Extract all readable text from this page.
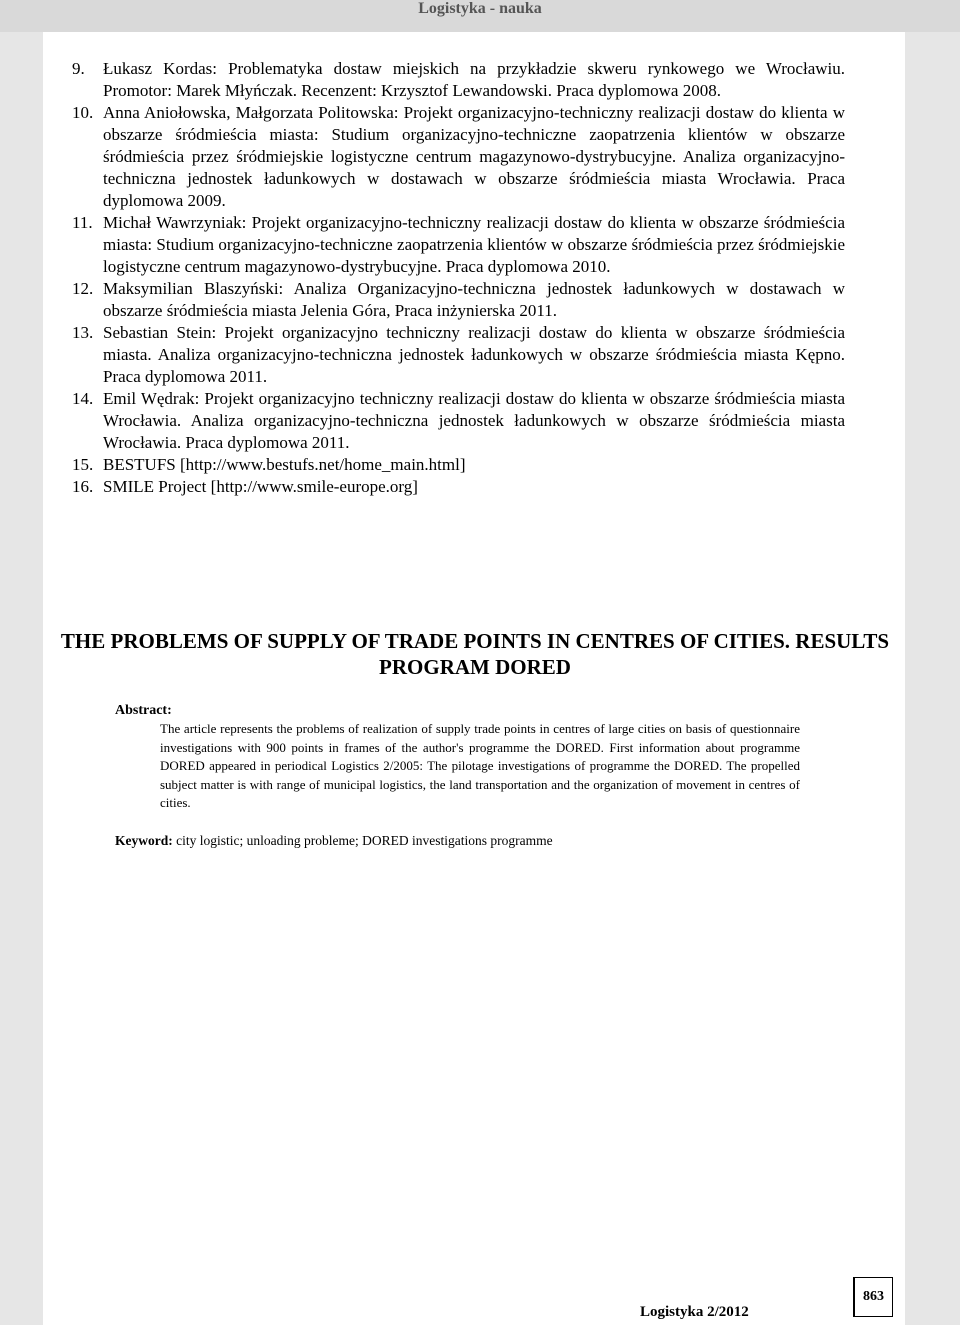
Logistyka - nauka
9.	Łukasz Kordas: Problematyka dostaw miejskich na przykładzie skweru rynkowego we Wrocławiu. Promotor: Marek Młyńczak. Recenzent: Krzysztof Lewandowski. Praca dyplomowa 2008.
10. Anna Aniołowska, Małgorzata Politowska: Projekt organizacyjno-techniczny realizacji dostaw do klienta w obszarze śródmieścia miasta: Studium organizacyjno-techniczne zaopatrzenia klientów w obszarze śródmieścia przez śródmiejskie logistyczne centrum magazynowo-dystrybucyjne. Analiza organizacyjno-techniczna jednostek ładunkowych w dostawach w obszarze śródmieścia miasta Wrocławia. Praca dyplomowa 2009.
11. Michał Wawrzyniak: Projekt organizacyjno-techniczny realizacji dostaw do klienta w obszarze śródmieścia miasta: Studium organizacyjno-techniczne zaopatrzenia klientów w obszarze śródmieścia przez śródmiejskie logistyczne centrum magazynowo-dystrybucyjne. Praca dyplomowa 2010.
12. Maksymilian Blaszyński: Analiza Organizacyjno-techniczna jednostek ładunkowych w dostawach w obszarze śródmieścia miasta Jelenia Góra, Praca inżynierska 2011.
13. Sebastian Stein: Projekt organizacyjno techniczny realizacji dostaw do klienta w obszarze śródmieścia miasta. Analiza organizacyjno-techniczna jednostek ładunkowych w obszarze śródmieścia miasta Kępno. Praca dyplomowa 2011.
14. Emil Wędrak: Projekt organizacyjno techniczny realizacji dostaw do klienta w obszarze śródmieścia miasta Wrocławia. Analiza organizacyjno-techniczna jednostek ładunkowych w obszarze śródmieścia miasta Wrocławia. Praca dyplomowa 2011.
15. BESTUFS [http://www.bestufs.net/home_main.html]
16. SMILE Project [http://www.smile-europe.org]
THE PROBLEMS OF SUPPLY OF TRADE POINTS IN CENTRES OF CITIES. RESULTS PROGRAM DORED
Abstract:

The article represents the problems of realization of supply trade points in centres of large cities on basis of questionnaire investigations with 900 points in frames of the author's programme the DORED. First information about programme DORED appeared in periodical Logistics 2/2005: The pilotage investigations of programme the DORED. The propelled subject matter is with range of municipal logistics, the land transportation and the organization of movement in centres of cities.

Keyword: city logistic; unloading probleme; DORED investigations programme
Logistyka 2/2012
863
